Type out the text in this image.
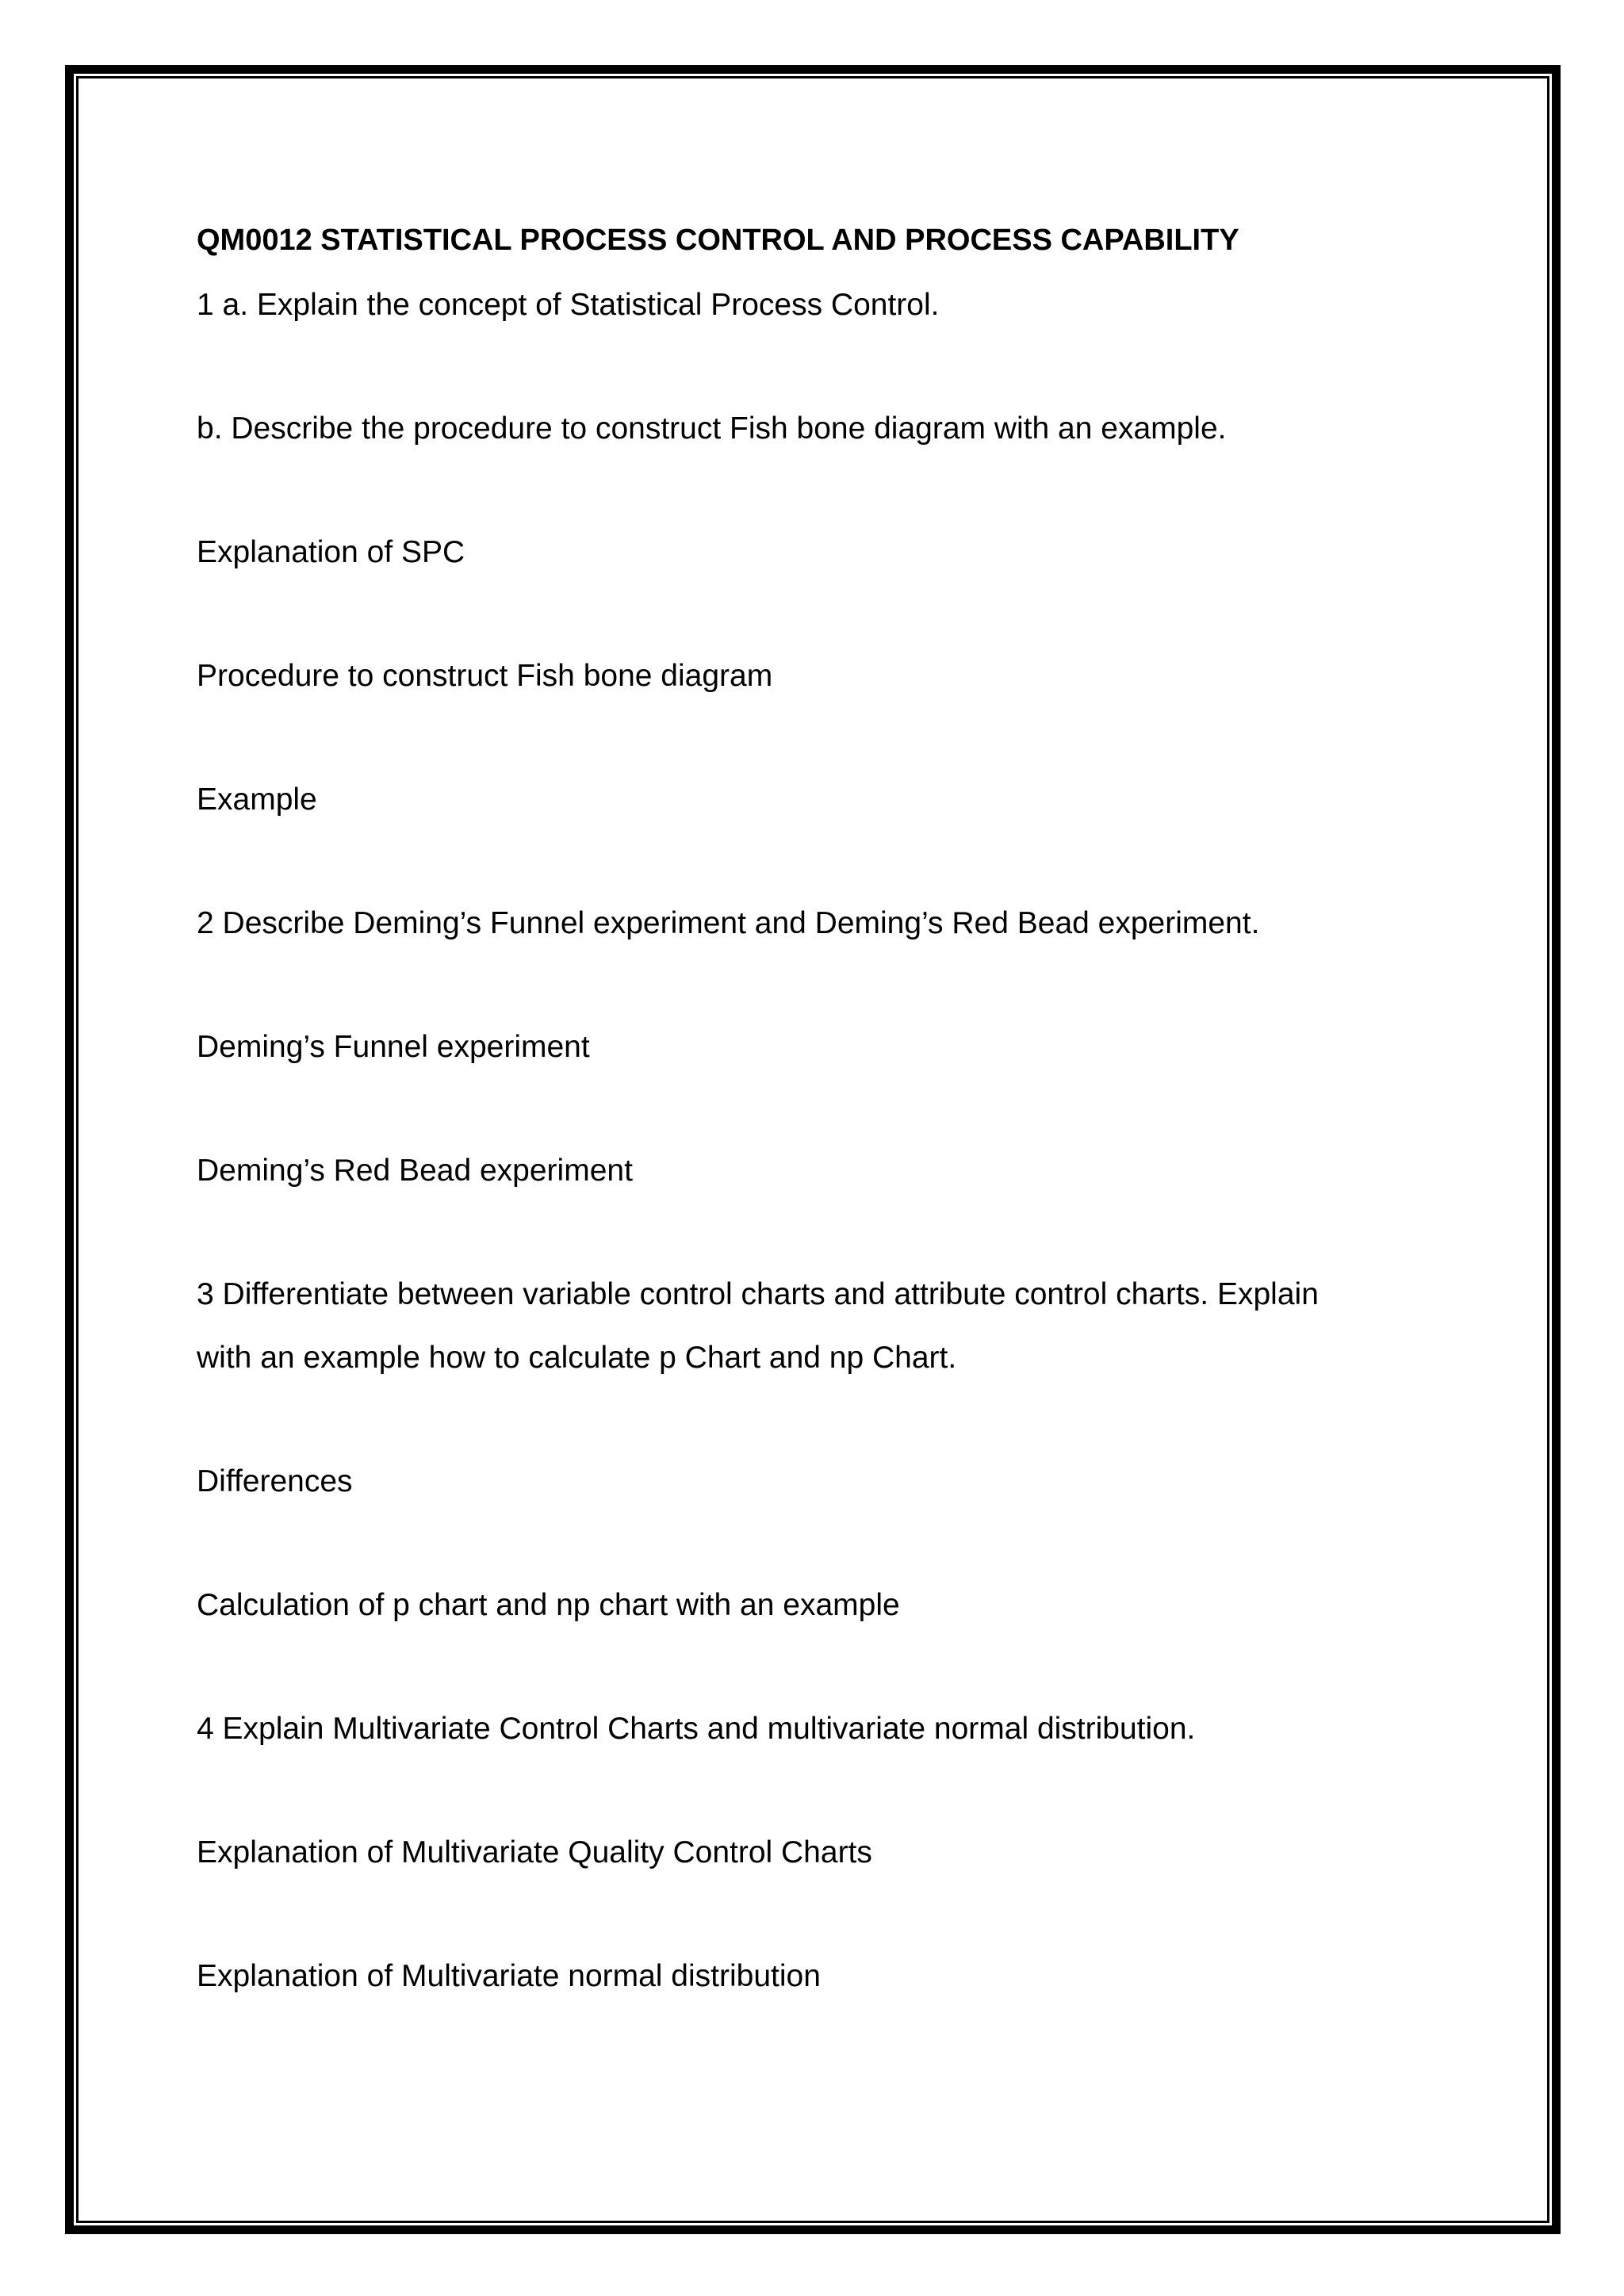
QM0012 STATISTICAL PROCESS CONTROL AND PROCESS CAPABILITY
1 a. Explain the concept of Statistical Process Control.
b. Describe the procedure to construct Fish bone diagram with an example.
Explanation of SPC
Procedure to construct Fish bone diagram
Example
2 Describe Deming’s Funnel experiment and Deming’s Red Bead experiment.
Deming’s Funnel experiment
Deming’s Red Bead experiment
3 Differentiate between variable control charts and attribute control charts. Explain
with an example how to calculate p Chart and np Chart.
Differences
Calculation of p chart and np chart with an example
4 Explain Multivariate Control Charts and multivariate normal distribution.
Explanation of Multivariate Quality Control Charts
Explanation of Multivariate normal distribution
